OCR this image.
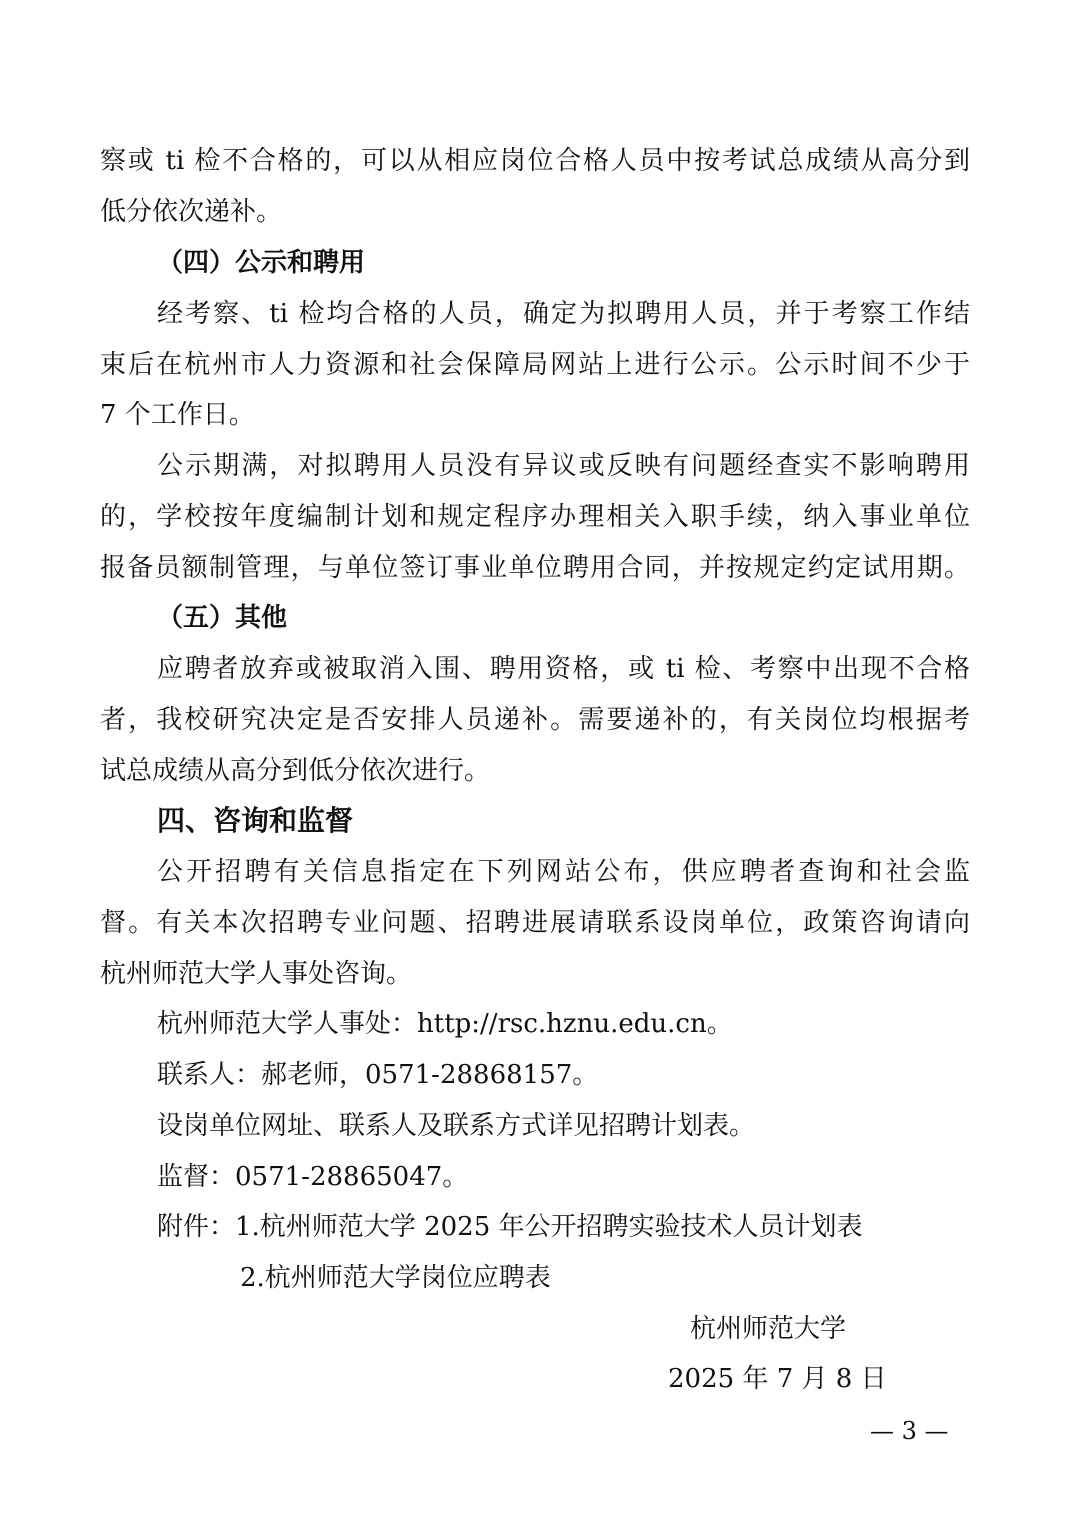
察或 ti 检不合格的，可以从相应岗位合格人员中按考试总成绩从高分到
低分依次递补。
（四）公示和聘用
经考察、ti 检均合格的人员，确定为拟聘用人员，并于考察工作结
束后在杭州市人力资源和社会保障局网站上进行公示。公示时间不少于
7 个工作日。
公示期满，对拟聘用人员没有异议或反映有问题经查实不影响聘用
的，学校按年度编制计划和规定程序办理相关入职手续，纳入事业单位
报备员额制管理，与单位签订事业单位聘用合同，并按规定约定试用期。
（五）其他
应聘者放弃或被取消入围、聘用资格，或 ti 检、考察中出现不合格
者，我校研究决定是否安排人员递补。需要递补的，有关岗位均根据考
试总成绩从高分到低分依次进行。
四、咨询和监督
公开招聘有关信息指定在下列网站公布，供应聘者查询和社会监
督。有关本次招聘专业问题、招聘进展请联系设岗单位，政策咨询请向
杭州师范大学人事处咨询。
杭州师范大学人事处：http://rsc.hznu.edu.cn。
联系人：郝老师，0571-28868157。
设岗单位网址、联系人及联系方式详见招聘计划表。
监督：0571-28865047。
附件：1.杭州师范大学 2025 年公开招聘实验技术人员计划表
2.杭州师范大学岗位应聘表
杭州师范大学
2025 年 7 月 8 日
— 3 —
